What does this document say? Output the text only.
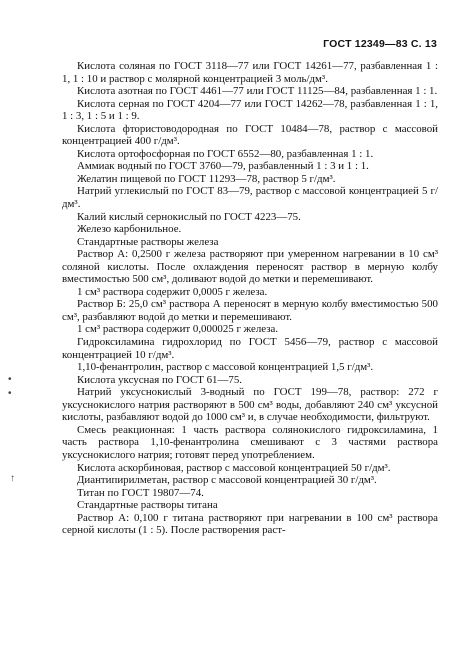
ГОСТ 12349—83 С. 13
•
•
↑

Кислота соляная по ГОСТ 3118—77 или ГОСТ 14261—77, разбавленная 1 : 1, 1 : 10 и раствор с молярной концентрацией 3 моль/дм³.

Кислота азотная по ГОСТ 4461—77 или ГОСТ 11125—84, разбавленная 1 : 1.

Кислота серная по ГОСТ 4204—77 или ГОСТ 14262—78, разбавленная 1 : 1, 1 : 3, 1 : 5 и 1 : 9.

Кислота фтористоводородная по ГОСТ 10484—78, раствор с массовой концентрацией 400 г/дм³.

Кислота ортофосфорная по ГОСТ 6552—80, разбавленная 1 : 1.

Аммиак водный по ГОСТ 3760—79, разбавленный 1 : 3 и 1 : 1.

Желатин пищевой по ГОСТ 11293—78, раствор 5 г/дм³.

Натрий углекислый по ГОСТ 83—79, раствор с массовой концентрацией 5 г/дм³.

Калий кислый сернокислый по ГОСТ 4223—75.

Железо карбонильное.

Стандартные растворы железа

Раствор А: 0,2500 г железа растворяют при умеренном нагревании в 10 см³ соляной кислоты. После охлаждения переносят раствор в мерную колбу вместимостью 500 см³, доливают водой до метки и перемешивают.

1 см³ раствора содержит 0,0005 г железа.

Раствор Б: 25,0 см³ раствора А переносят в мерную колбу вместимостью 500 см³, разбавляют водой до метки и перемешивают.

1 см³ раствора содержит 0,000025 г железа.

Гидроксиламина гидрохлорид по ГОСТ 5456—79, раствор с массовой концентрацией 10 г/дм³.

1,10-фенантролин, раствор с массовой концентрацией 1,5 г/дм³.

Кислота уксусная по ГОСТ 61—75.

Натрий уксуснокислый 3-водный по ГОСТ 199—78, раствор: 272 г уксуснокислого натрия растворяют в 500 см³ воды, добавляют 240 см³ уксусной кислоты, разбавляют водой до 1000 см³ и, в случае необходимости, фильтруют.

Смесь реакционная: 1 часть раствора солянокислого гидроксиламина, 1 часть раствора 1,10-фенантролина смешивают с 3 частями раствора уксуснокислого натрия; готовят перед употреблением.

Кислота аскорбиновая, раствор с массовой концентрацией 50 г/дм³.

Диантипирилметан, раствор с массовой концентрацией 30 г/дм³.

Титан по ГОСТ 19807—74.

Стандартные растворы титана

Раствор А: 0,100 г титана растворяют при нагревании в 100 см³ раствора серной кислоты (1 : 5). После растворения раст-
